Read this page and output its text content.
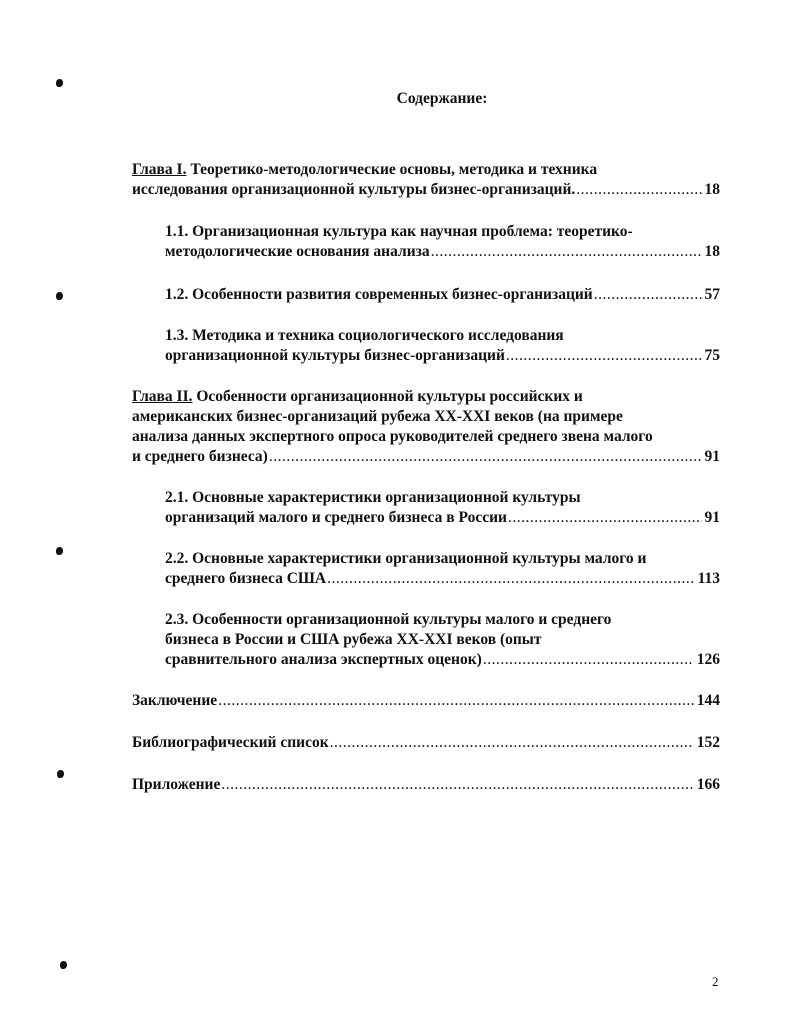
Содержание:
Глава I. Теоретико-методологические основы, методика и техника
исследования организационной культуры бизнес-организаций. .....	18
1.1. Организационная культура как научная проблема: теоретико-
методологические основания анализа .....	18
1.2. Особенности развития современных бизнес-организаций .....	57
1.3. Методика и техника социологического исследования
организационной культуры бизнес-организаций .....	75
Глава II. Особенности организационной культуры российских и
американских бизнес-организаций рубежа XX-XXI веков (на примере
анализа данных экспертного опроса руководителей среднего звена малого
и среднего бизнеса) .....	91
2.1. Основные характеристики организационной культуры
организаций малого и среднего бизнеса в России .....	91
2.2. Основные характеристики организационной культуры малого и
среднего бизнеса США .....	113
2.3. Особенности организационной культуры малого и среднего
бизнеса в России и США рубежа XX-XXI веков (опыт
сравнительного анализа экспертных оценок) .....	126
Заключение .....	144
Библиографический список .....	152
Приложение .....	166
2
